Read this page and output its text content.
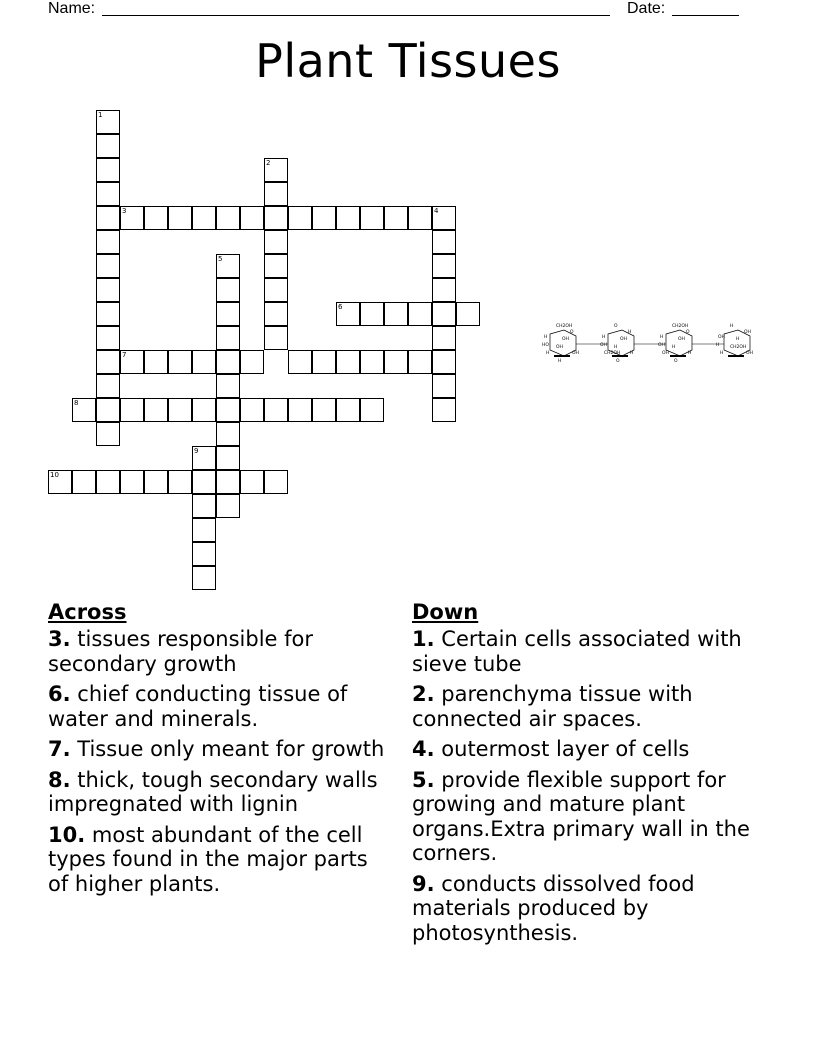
Name:	Date:
Plant Tissues
1
2
3	4
5
6
7
8
9
10
CH2OH
O
OH
H
HO OH
H	OH
H
O
H
OH
H
OH H
CH2OH H
O
CH2OH
O
OH
H
OH H
OH	H
O
H
OH
H
OH
H CH2OH
H	OH
Across
3. tissues responsible for secondary growth
6. chief conducting tissue of water and minerals.
7. Tissue only meant for growth
8. thick, tough secondary walls impregnated with lignin
10. most abundant of the cell types found in the major parts of higher plants.
Down
1. Certain cells associated with sieve tube
2. parenchyma tissue with connected air spaces.
4. outermost layer of cells
5. provide flexible support for growing and mature plant organs.Extra primary wall in the corners.
9. conducts dissolved food materials produced by photosynthesis.
